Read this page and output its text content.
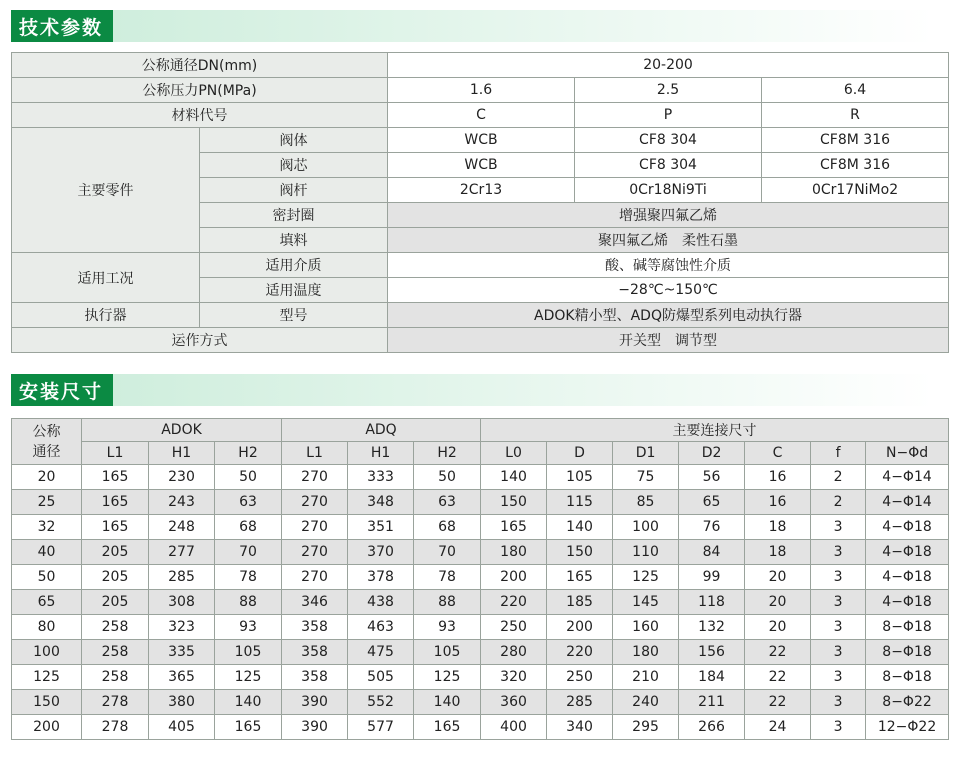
技术参数
公称通径DN(mm)		20-200		
公称压力PN(MPa)		1.6	2.5	6.4
材料代号		C	P	R
主要零件	阀体	WCB	CF8 304	CF8M 316
	阀芯	WCB	CF8 304	CF8M 316
	阀杆	2Cr13	0Cr18Ni9Ti	0Cr17NiMo2
	密封圈	增强聚四氟乙烯		
	填料	聚四氟乙烯　柔性石墨		
适用工况	适用介质	酸、碱等腐蚀性介质		
	适用温度	−28℃~150℃		
执行器	型号	ADOK精小型、ADQ防爆型系列电动执行器		
运作方式		开关型　调节型		
安装尺寸
公称
通径	ADOK			ADQ			主要连接尺寸						
	L1	H1	H2	L1	H1	H2	L0	D	D1	D2	C	f	N−Φd
20	165	230	50	270	333	50	140	105	75	56	16	2	4−Φ14
25	165	243	63	270	348	63	150	115	85	65	16	2	4−Φ14
32	165	248	68	270	351	68	165	140	100	76	18	3	4−Φ18
40	205	277	70	270	370	70	180	150	110	84	18	3	4−Φ18
50	205	285	78	270	378	78	200	165	125	99	20	3	4−Φ18
65	205	308	88	346	438	88	220	185	145	118	20	3	4−Φ18
80	258	323	93	358	463	93	250	200	160	132	20	3	8−Φ18
100	258	335	105	358	475	105	280	220	180	156	22	3	8−Φ18
125	258	365	125	358	505	125	320	250	210	184	22	3	8−Φ18
150	278	380	140	390	552	140	360	285	240	211	22	3	8−Φ22
200	278	405	165	390	577	165	400	340	295	266	24	3	12−Φ22
